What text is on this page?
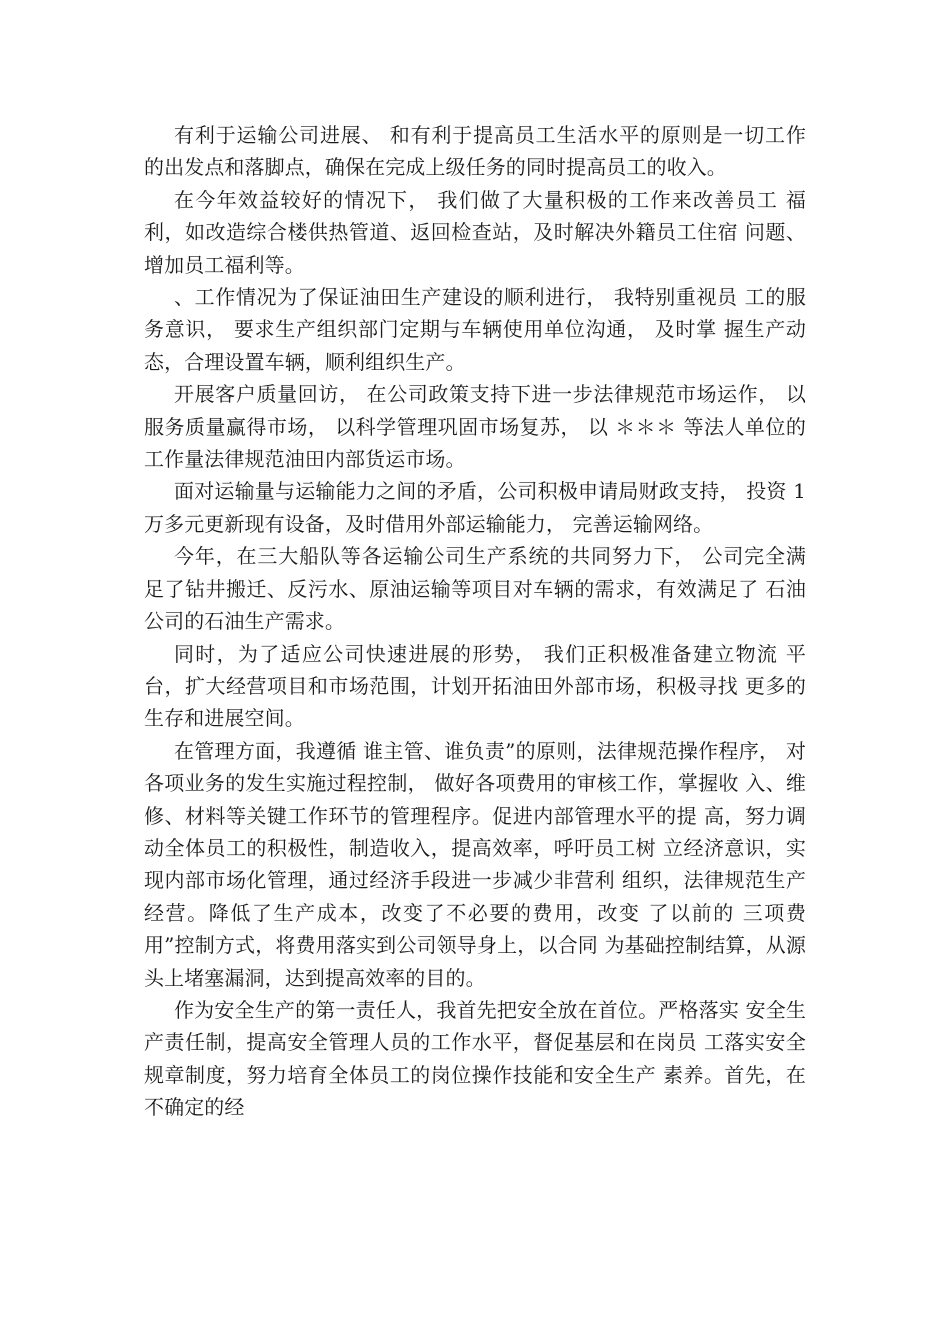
有利于运输公司进展、 和有利于提高员工生活水平的原则是一切工作 的出发点和落脚点，确保在完成上级任务的同时提高员工的收入。

在今年效益较好的情况下， 我们做了大量积极的工作来改善员工 福利，如改造综合楼供热管道、返回检查站，及时解决外籍员工住宿 问题、增加员工福利等。

、工作情况为了保证油田生产建设的顺利进行， 我特别重视员 工的服务意识， 要求生产组织部门定期与车辆使用单位沟通， 及时掌 握生产动态，合理设置车辆，顺利组织生产。

开展客户质量回访， 在公司政策支持下进一步法律规范市场运作， 以 服务质量赢得市场， 以科学管理巩固市场复苏， 以 ＊＊＊ 等法人单位的 工作量法律规范油田内部货运市场。

面对运输量与运输能力之间的矛盾，公司积极申请局财政支持， 投资 1万多元更新现有设备，及时借用外部运输能力， 完善运输网络。

今年，在三大船队等各运输公司生产系统的共同努力下， 公司完全满 足了钻井搬迁、反污水、原油运输等项目对车辆的需求，有效满足了 石油公司的石油生产需求。

同时，为了适应公司快速进展的形势， 我们正积极准备建立物流 平台，扩大经营项目和市场范围，计划开拓油田外部市场，积极寻找 更多的生存和进展空间。

在管理方面，我遵循 谁主管、谁负责”的原则，法律规范操作程序， 对各项业务的发生实施过程控制， 做好各项费用的审核工作，掌握收 入、维修、材料等关键工作环节的管理程序。促进内部管理水平的提 高，努力调动全体员工的积极性，制造收入，提高效率，呼吁员工树 立经济意识，实现内部市场化管理，通过经济手段进一步减少非营利 组织，法律规范生产经营。降低了生产成本，改变了不必要的费用，改变 了以前的 三项费用”控制方式，将费用落实到公司领导身上，以合同 为基础控制结算，从源头上堵塞漏洞，达到提高效率的目的。

作为安全生产的第一责任人，我首先把安全放在首位。严格落实 安全生产责任制，提高安全管理人员的工作水平，督促基层和在岗员 工落实安全规章制度，努力培育全体员工的岗位操作技能和安全生产 素养。首先，在不确定的经
